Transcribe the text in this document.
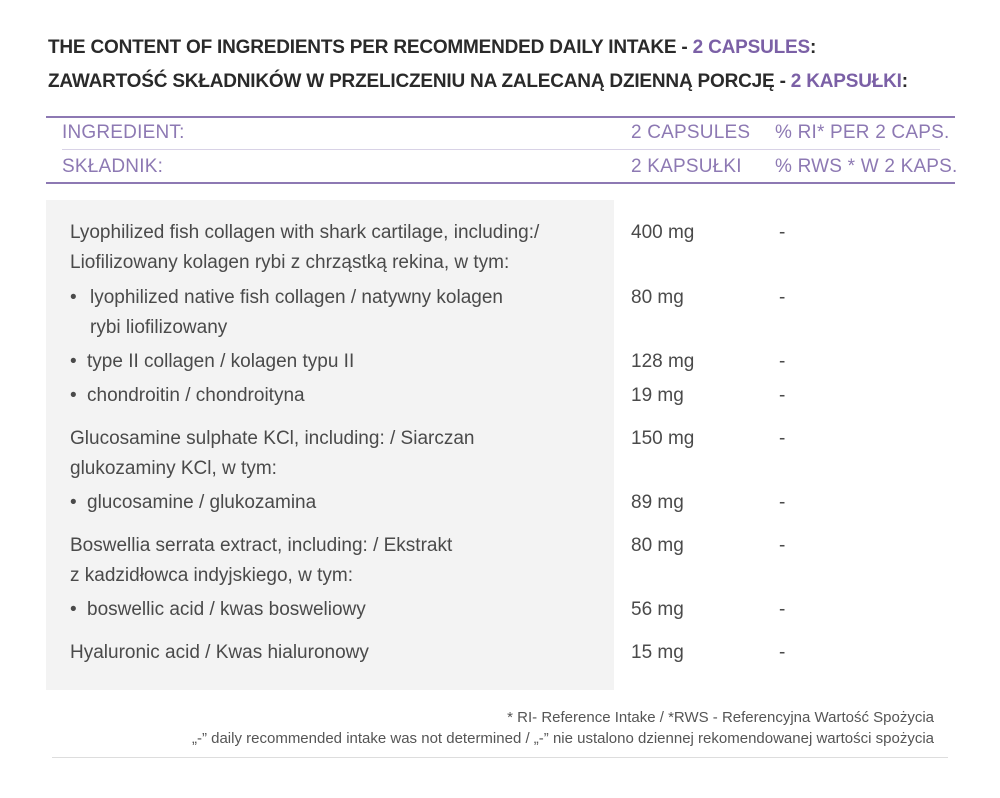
THE CONTENT OF INGREDIENTS PER RECOMMENDED DAILY INTAKE - 2 CAPSULES:
ZAWARTOŚĆ SKŁADNIKÓW W PRZELICZENIU NA ZALECANĄ DZIENNĄ PORCJĘ - 2 KAPSUŁKI:
INGREDIENT:	2 CAPSULES % RI* PER 2 CAPS.
SKŁADNIK:	2 KAPSUŁKI % RWS * W 2 KAPS.
Lyophilized fish collagen with shark cartilage, including:/
Liofilizowany kolagen rybi z chrząstką rekina, w tym:
400 mg	-
• lyophilized native fish collagen / natywny kolagen
rybi liofilizowany
80 mg	-
• type II collagen / kolagen typu II	128 mg	-
• chondroitin / chondroityna	19 mg	-
Glucosamine sulphate KCl, including: / Siarczan
glukozaminy KCl, w tym:
150 mg	-
• glucosamine / glukozamina	89 mg	-
Boswellia serrata extract, including: / Ekstrakt
z kadzidłowca indyjskiego, w tym:
80 mg	-
• boswellic acid / kwas bosweliowy	56 mg	-
Hyaluronic acid / Kwas hialuronowy	15 mg	-
* RI- Reference Intake / *RWS - Referencyjna Wartość Spożycia
„-” daily recommended intake was not determined / „-” nie ustalono dziennej rekomendowanej wartości spożycia
